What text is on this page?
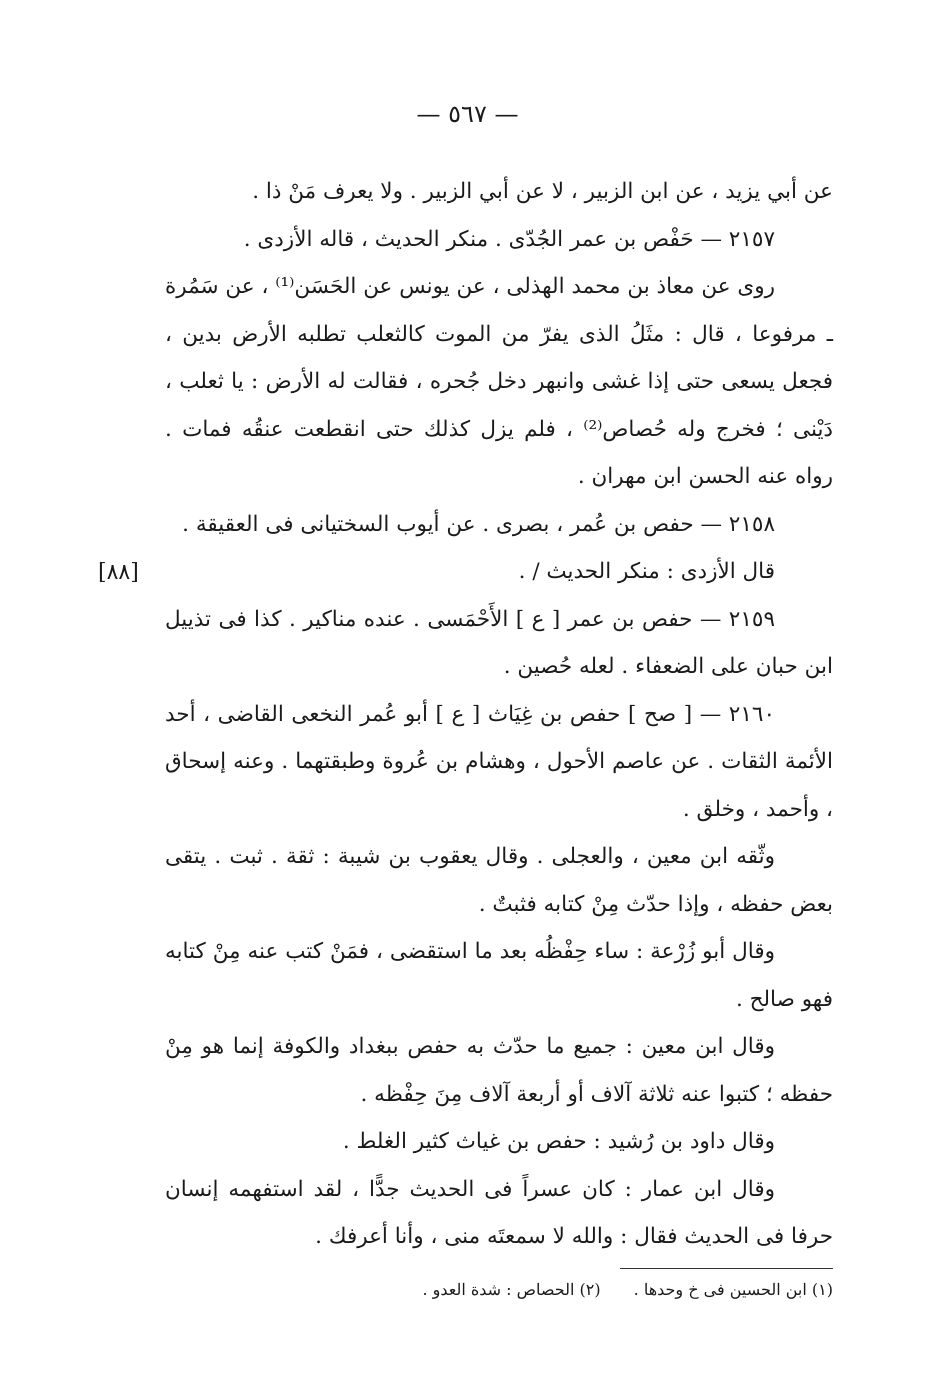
— ٥٦٧ —
[٨٨]

عن أبي يزيد ، عن ابن الزبير ، لا عن أبي الزبير . ولا يعرف مَنْ ذا .

٢١٥٧ — حَفْص بن عمر الجُدّى . منكر الحديث ، قاله الأزدى .

روى عن معاذ بن محمد الهذلى ، عن يونس عن الحَسَن⁽¹⁾ ، عن سَمُرة ـ مرفوعا ، قال : مثَلُ الذى يفرّ من الموت كالثعلب تطلبه الأرض بدين ، فجعل يسعى حتى إذا غشى وانبهر دخل جُحره ، فقالت له الأرض : يا ثعلب ، دَيْنى ؛ فخرج وله حُصاص⁽²⁾ ، فلم يزل كذلك حتى انقطعت عنقُه فمات . رواه عنه الحسن ابن مهران .

٢١٥٨ — حفص بن عُمر ، بصرى . عن أيوب السختيانى فى العقيقة .

قال الأزدى : منكر الحديث / .

٢١٥٩ — حفص بن عمر [ ع ] الأَحْمَسى . عنده مناكير . كذا فى تذييل ابن حبان على الضعفاء . لعله حُصين .

٢١٦٠ — [ صح ] حفص بن غِيَاث [ ع ] أبو عُمر النخعى القاضى ، أحد الأئمة الثقات . عن عاصم الأحول ، وهشام بن عُروة وطبقتهما . وعنه إسحاق ، وأحمد ، وخلق .

وثّقه ابن معين ، والعجلى . وقال يعقوب بن شيبة : ثقة . ثبت . يتقى بعض حفظه ، وإذا حدّث مِنْ كتابه فثبتٌ .

وقال أبو زُرْعة : ساء حِفْظُه بعد ما استقضى ، فمَنْ كتب عنه مِنْ كتابه فهو صالح .

وقال ابن معين : جميع ما حدّث به حفص ببغداد والكوفة إنما هو مِنْ حفظه ؛ كتبوا عنه ثلاثة آلاف أو أربعة آلاف مِنَ حِفْظه .

وقال داود بن رُشيد : حفص بن غياث كثير الغلط .

وقال ابن عمار : كان عسراً فى الحديث جدًّا ، لقد استفهمه إنسان حرفا فى الحديث فقال : والله لا سمعتَه منى ، وأنا أعرفك .

(١) ابن الحسين فى خ وحدها . (٢) الحصاص : شدة العدو .
